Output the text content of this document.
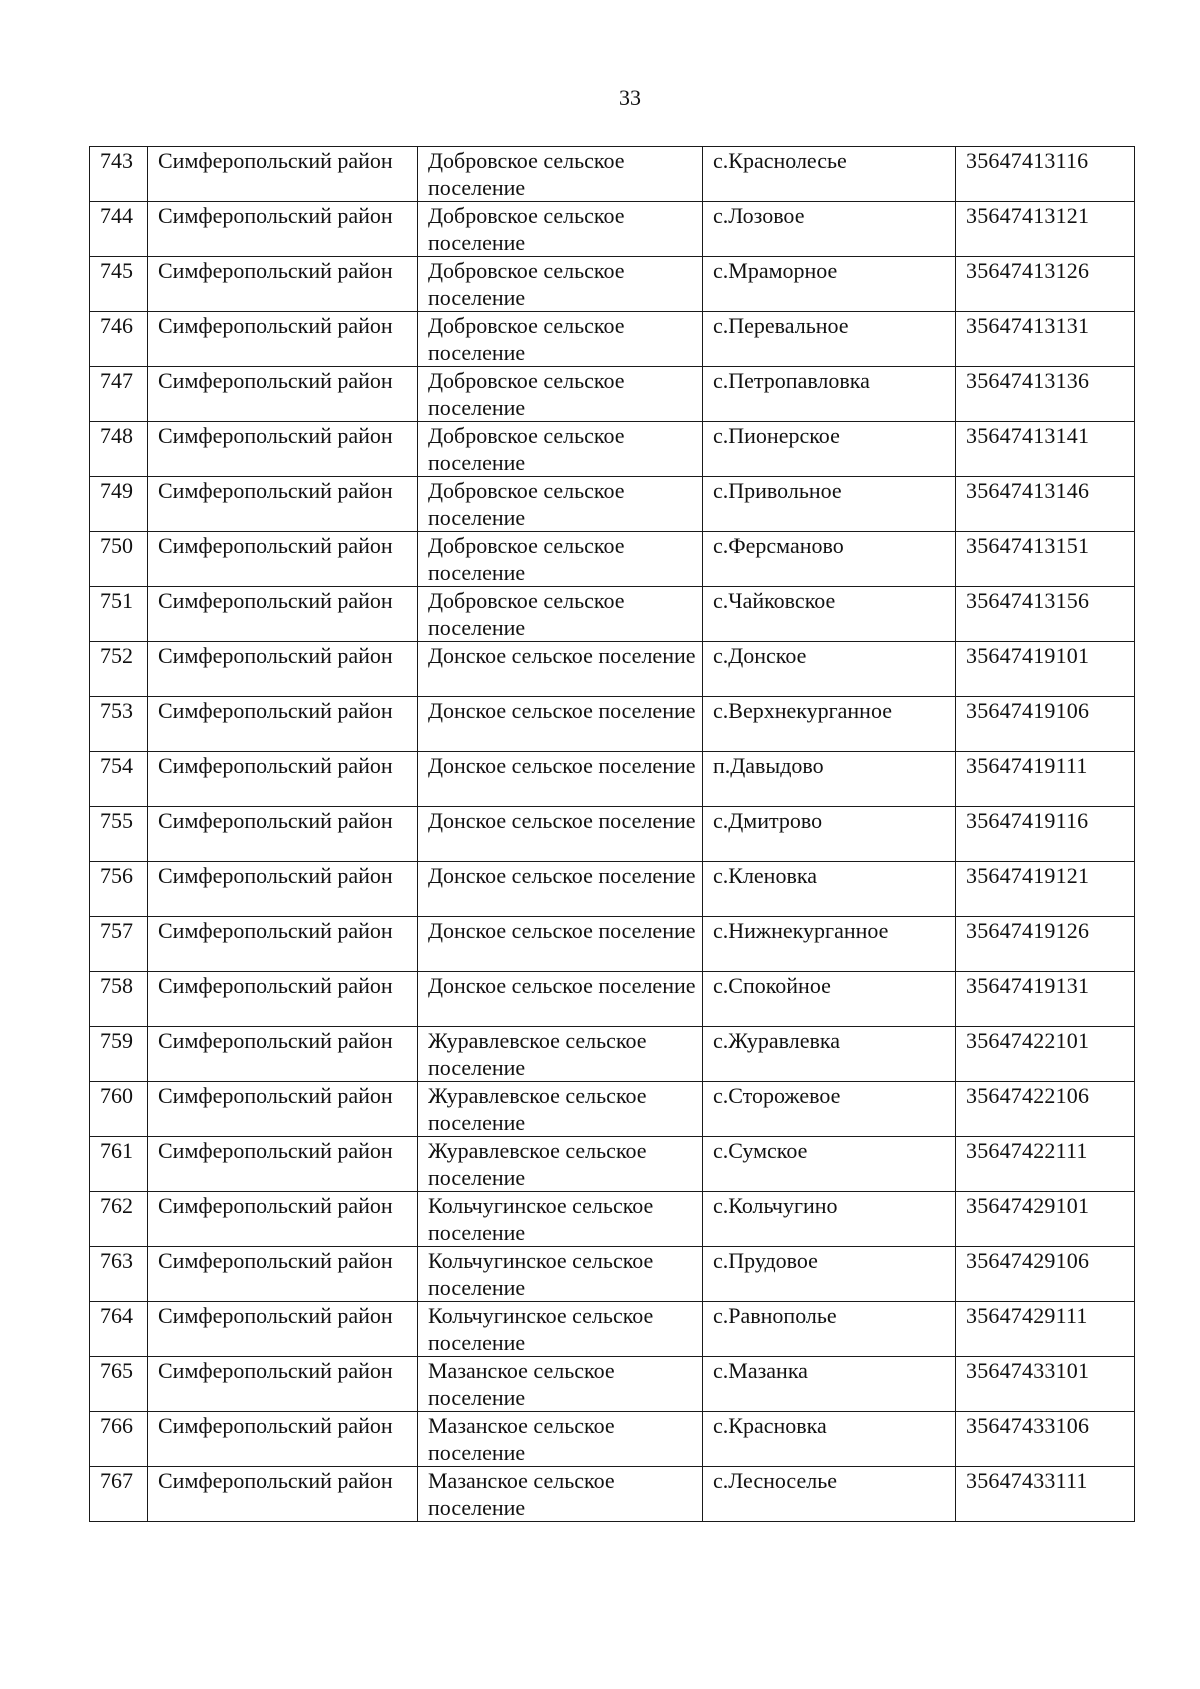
33
743	Симферопольский район	Добровское сельское поселение	с.Краснолесье	35647413116
744	Симферопольский район	Добровское сельское поселение	с.Лозовое	35647413121
745	Симферопольский район	Добровское сельское поселение	с.Мраморное	35647413126
746	Симферопольский район	Добровское сельское поселение	с.Перевальное	35647413131
747	Симферопольский район	Добровское сельское поселение	с.Петропавловка	35647413136
748	Симферопольский район	Добровское сельское поселение	с.Пионерское	35647413141
749	Симферопольский район	Добровское сельское поселение	с.Привольное	35647413146
750	Симферопольский район	Добровское сельское поселение	с.Ферсманово	35647413151
751	Симферопольский район	Добровское сельское поселение	с.Чайковское	35647413156
752	Симферопольский район	Донское сельское поселение	с.Донское	35647419101
753	Симферопольский район	Донское сельское поселение	с.Верхнекурганное	35647419106
754	Симферопольский район	Донское сельское поселение	п.Давыдово	35647419111
755	Симферопольский район	Донское сельское поселение	с.Дмитрово	35647419116
756	Симферопольский район	Донское сельское поселение	с.Кленовка	35647419121
757	Симферопольский район	Донское сельское поселение	с.Нижнекурганное	35647419126
758	Симферопольский район	Донское сельское поселение	с.Спокойное	35647419131
759	Симферопольский район	Журавлевское сельское поселение	с.Журавлевка	35647422101
760	Симферопольский район	Журавлевское сельское поселение	с.Сторожевое	35647422106
761	Симферопольский район	Журавлевское сельское поселение	с.Сумское	35647422111
762	Симферопольский район	Кольчугинское сельское поселение	с.Кольчугино	35647429101
763	Симферопольский район	Кольчугинское сельское поселение	с.Прудовое	35647429106
764	Симферопольский район	Кольчугинское сельское поселение	с.Равнополье	35647429111
765	Симферопольский район	Мазанское сельское поселение	с.Мазанка	35647433101
766	Симферопольский район	Мазанское сельское поселение	с.Красновка	35647433106
767	Симферопольский район	Мазанское сельское поселение	с.Лесноселье	35647433111
